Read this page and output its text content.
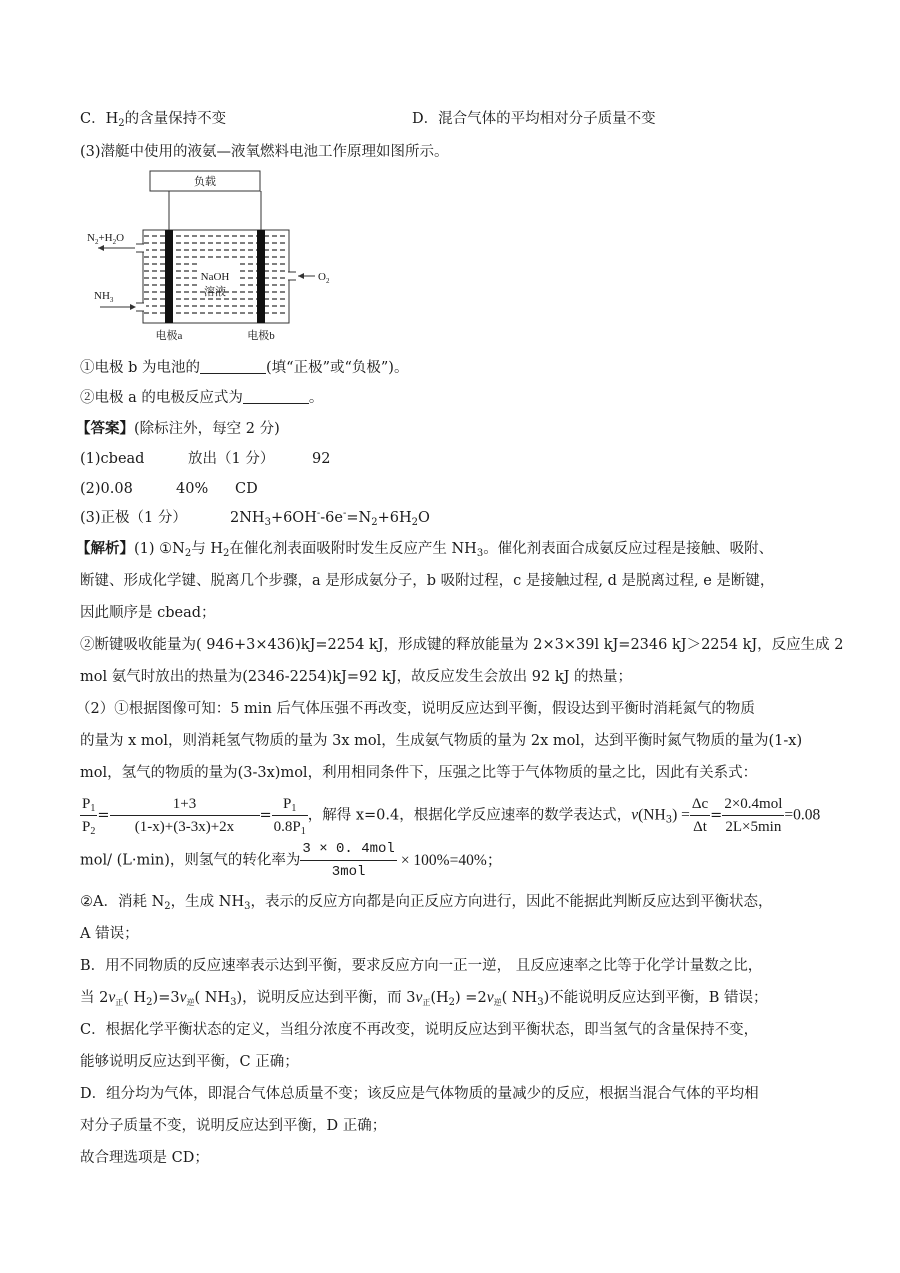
C．$H_2$的含量保持不变	D．混合气体的平均相对分子质量不变
(3)潜艇中使用的液氨—液氧燃料电池工作原理如图所示。
负载
$N_2+H_2O$
$NH_3$
$O_2$
NaOH
溶液
电极a	电极b
①电极 b 为电池的	(填“正极”或“负极”)。
②电极 a 的电极反应式为	。
【答案】(除标注外，每空 2 分)
(1)cbead	放出（1 分）	92
(2)0.08	40% CD
(3)正极（1 分）	$2NH_3+6OH^--6e^-=N_2+6H_2O$
【解析】(1) $①N_2$与 $H_2$在催化剂表面吸附时发生反应产生 $NH_3$。催化剂表面合成氨反应过程是接触、吸附、
断键、形成化学键、脱离几个步骤，a 是形成氨分子，b 吸附过程，c 是接触过程, d 是脱离过程, e 是断键，
因此顺序是 cbead；
②断键吸收能量为( 946+3×436)kJ=2254 kJ，形成键的释放能量为 2×3×39l kJ=2346 kJ＞2254 kJ，反应生成 2
mol 氨气时放出的热量为(2346-2254)kJ=92 kJ，故反应发生会放出 92 kJ 的热量；
（2）①根据图像可知：5 min 后气体压强不再改变，说明反应达到平衡，假设达到平衡时消耗氮气的物质
的量为 x mol，则消耗氢气物质的量为 3x mol，生成氨气物质的量为 2x mol，达到平衡时氮气物质的量为(1-x)
mol，氢气的物质的量为(3-3x)mol，利用相同条件下，压强之比等于气体物质的量之比，因此有关系式：
$\frac{P_1}{P_2} = \frac{1+3}{(1-x)+(3-3x)+2x} = \frac{P_1}{0.8P_1}$ ，解得 x=0.4，根据化学反应速率的数学表达式，$v(NH_3) = \frac{\Delta c}{\Delta t} = \frac{\text{2×0.4mol}}{2L\times 5\min} =0.08$
mol/ (L·min)，则氢气的转化率为 $\frac{\text{3 × 0. 4mol}}{\text{3mol}} \times 100\%=40\%$；
②A．消耗 $N_2$，生成 $NH_3$，表示的反应方向都是向正反应方向进行，因此不能据此判断反应达到平衡状态，
A 错误；
B．用不同物质的反应速率表示达到平衡，要求反应方向一正一逆， 且反应速率之比等于化学计量数之比，
当 $2v_正$( $H_2)=3v_逆$( $NH_3$)，说明反应达到平衡，而 $3v_正(H_2) =2v_逆$( $NH_3$)不能说明反应达到平衡，B 错误；
C．根据化学平衡状态的定义，当组分浓度不再改变，说明反应达到平衡状态，即当氢气的含量保持不变，
能够说明反应达到平衡，C 正确；
D．组分均为气体，即混合气体总质量不变；该反应是气体物质的量减少的反应，根据当混合气体的平均相
对分子质量不变，说明反应达到平衡，D 正确；
故合理选项是 CD；
